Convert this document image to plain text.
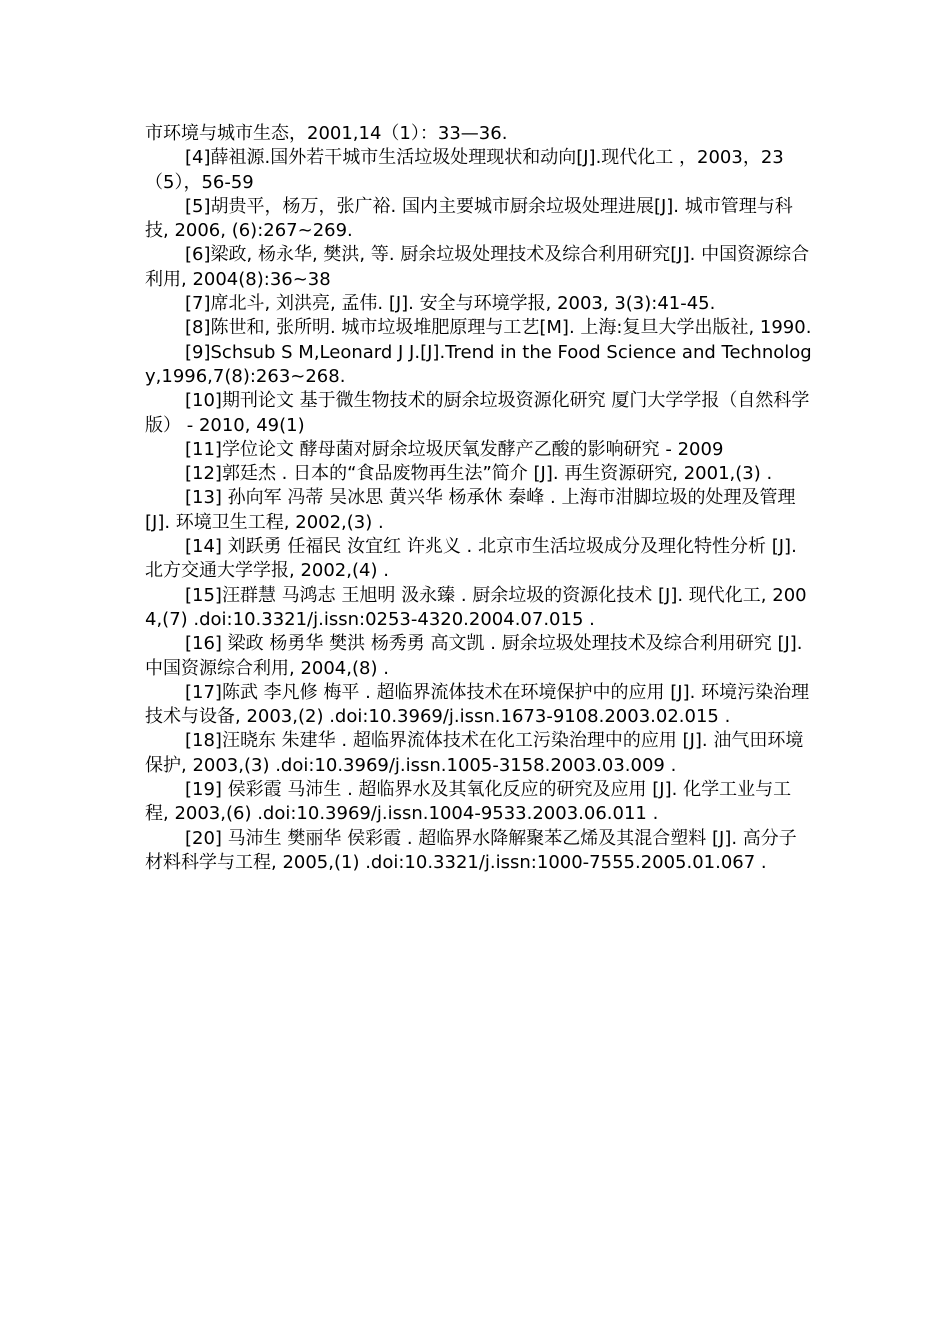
市环境与城市生态，2001,14（1）：33—36.

[4]薛祖源.国外若干城市生活垃圾处理现状和动向[J].现代化工 ，2003，23（5），56-59

[5]胡贵平，杨万，张广裕. 国内主要城市厨余垃圾处理进展[J]. 城市管理与科技, 2006, (6):267~269.

[6]梁政, 杨永华, 樊洪, 等. 厨余垃圾处理技术及综合利用研究[J]. 中国资源综合利用, 2004(8):36~38

[7]席北斗, 刘洪亮, 孟伟. [J]. 安全与环境学报, 2003, 3(3):41-45.

[8]陈世和, 张所明. 城市垃圾堆肥原理与工艺[M]. 上海:复旦大学出版社, 1990.

[9]Schsub S M,Leonard J J.[J].Trend in the Food Science and Technology,1996,7(8):263~268.

[10]期刊论文 基于微生物技术的厨余垃圾资源化研究 厦门大学学报（自然科学版） - 2010, 49(1)

[11]学位论文 酵母菌对厨余垃圾厌氧发酵产乙酸的影响研究 - 2009

[12]郭廷杰 . 日本的“食品废物再生法”简介 [J]. 再生资源研究, 2001,(3) .

[13] 孙向军 冯蒂 吴冰思 黄兴华 杨承休 秦峰 . 上海市泔脚垃圾的处理及管理 [J]. 环境卫生工程, 2002,(3) .

[14] 刘跃勇 任福民 汝宜红 许兆义 . 北京市生活垃圾成分及理化特性分析 [J]. 北方交通大学学报, 2002,(4) .

[15]汪群慧 马鸿志 王旭明 汲永臻 . 厨余垃圾的资源化技术 [J]. 现代化工, 2004,(7) .doi:10.3321/j.issn:0253-4320.2004.07.015 .

[16] 梁政 杨勇华 樊洪 杨秀勇 高文凯 . 厨余垃圾处理技术及综合利用研究 [J]. 中国资源综合利用, 2004,(8) .

[17]陈武 李凡修 梅平 . 超临界流体技术在环境保护中的应用 [J]. 环境污染治理技术与设备, 2003,(2) .doi:10.3969/j.issn.1673-9108.2003.02.015 .

[18]汪晓东 朱建华 . 超临界流体技术在化工污染治理中的应用 [J]. 油气田环境保护, 2003,(3) .doi:10.3969/j.issn.1005-3158.2003.03.009 .

[19] 侯彩霞 马沛生 . 超临界水及其氧化反应的研究及应用 [J]. 化学工业与工程, 2003,(6) .doi:10.3969/j.issn.1004-9533.2003.06.011 .

[20] 马沛生 樊丽华 侯彩霞 . 超临界水降解聚苯乙烯及其混合塑料 [J]. 高分子材料科学与工程, 2005,(1) .doi:10.3321/j.issn:1000-7555.2005.01.067 .
